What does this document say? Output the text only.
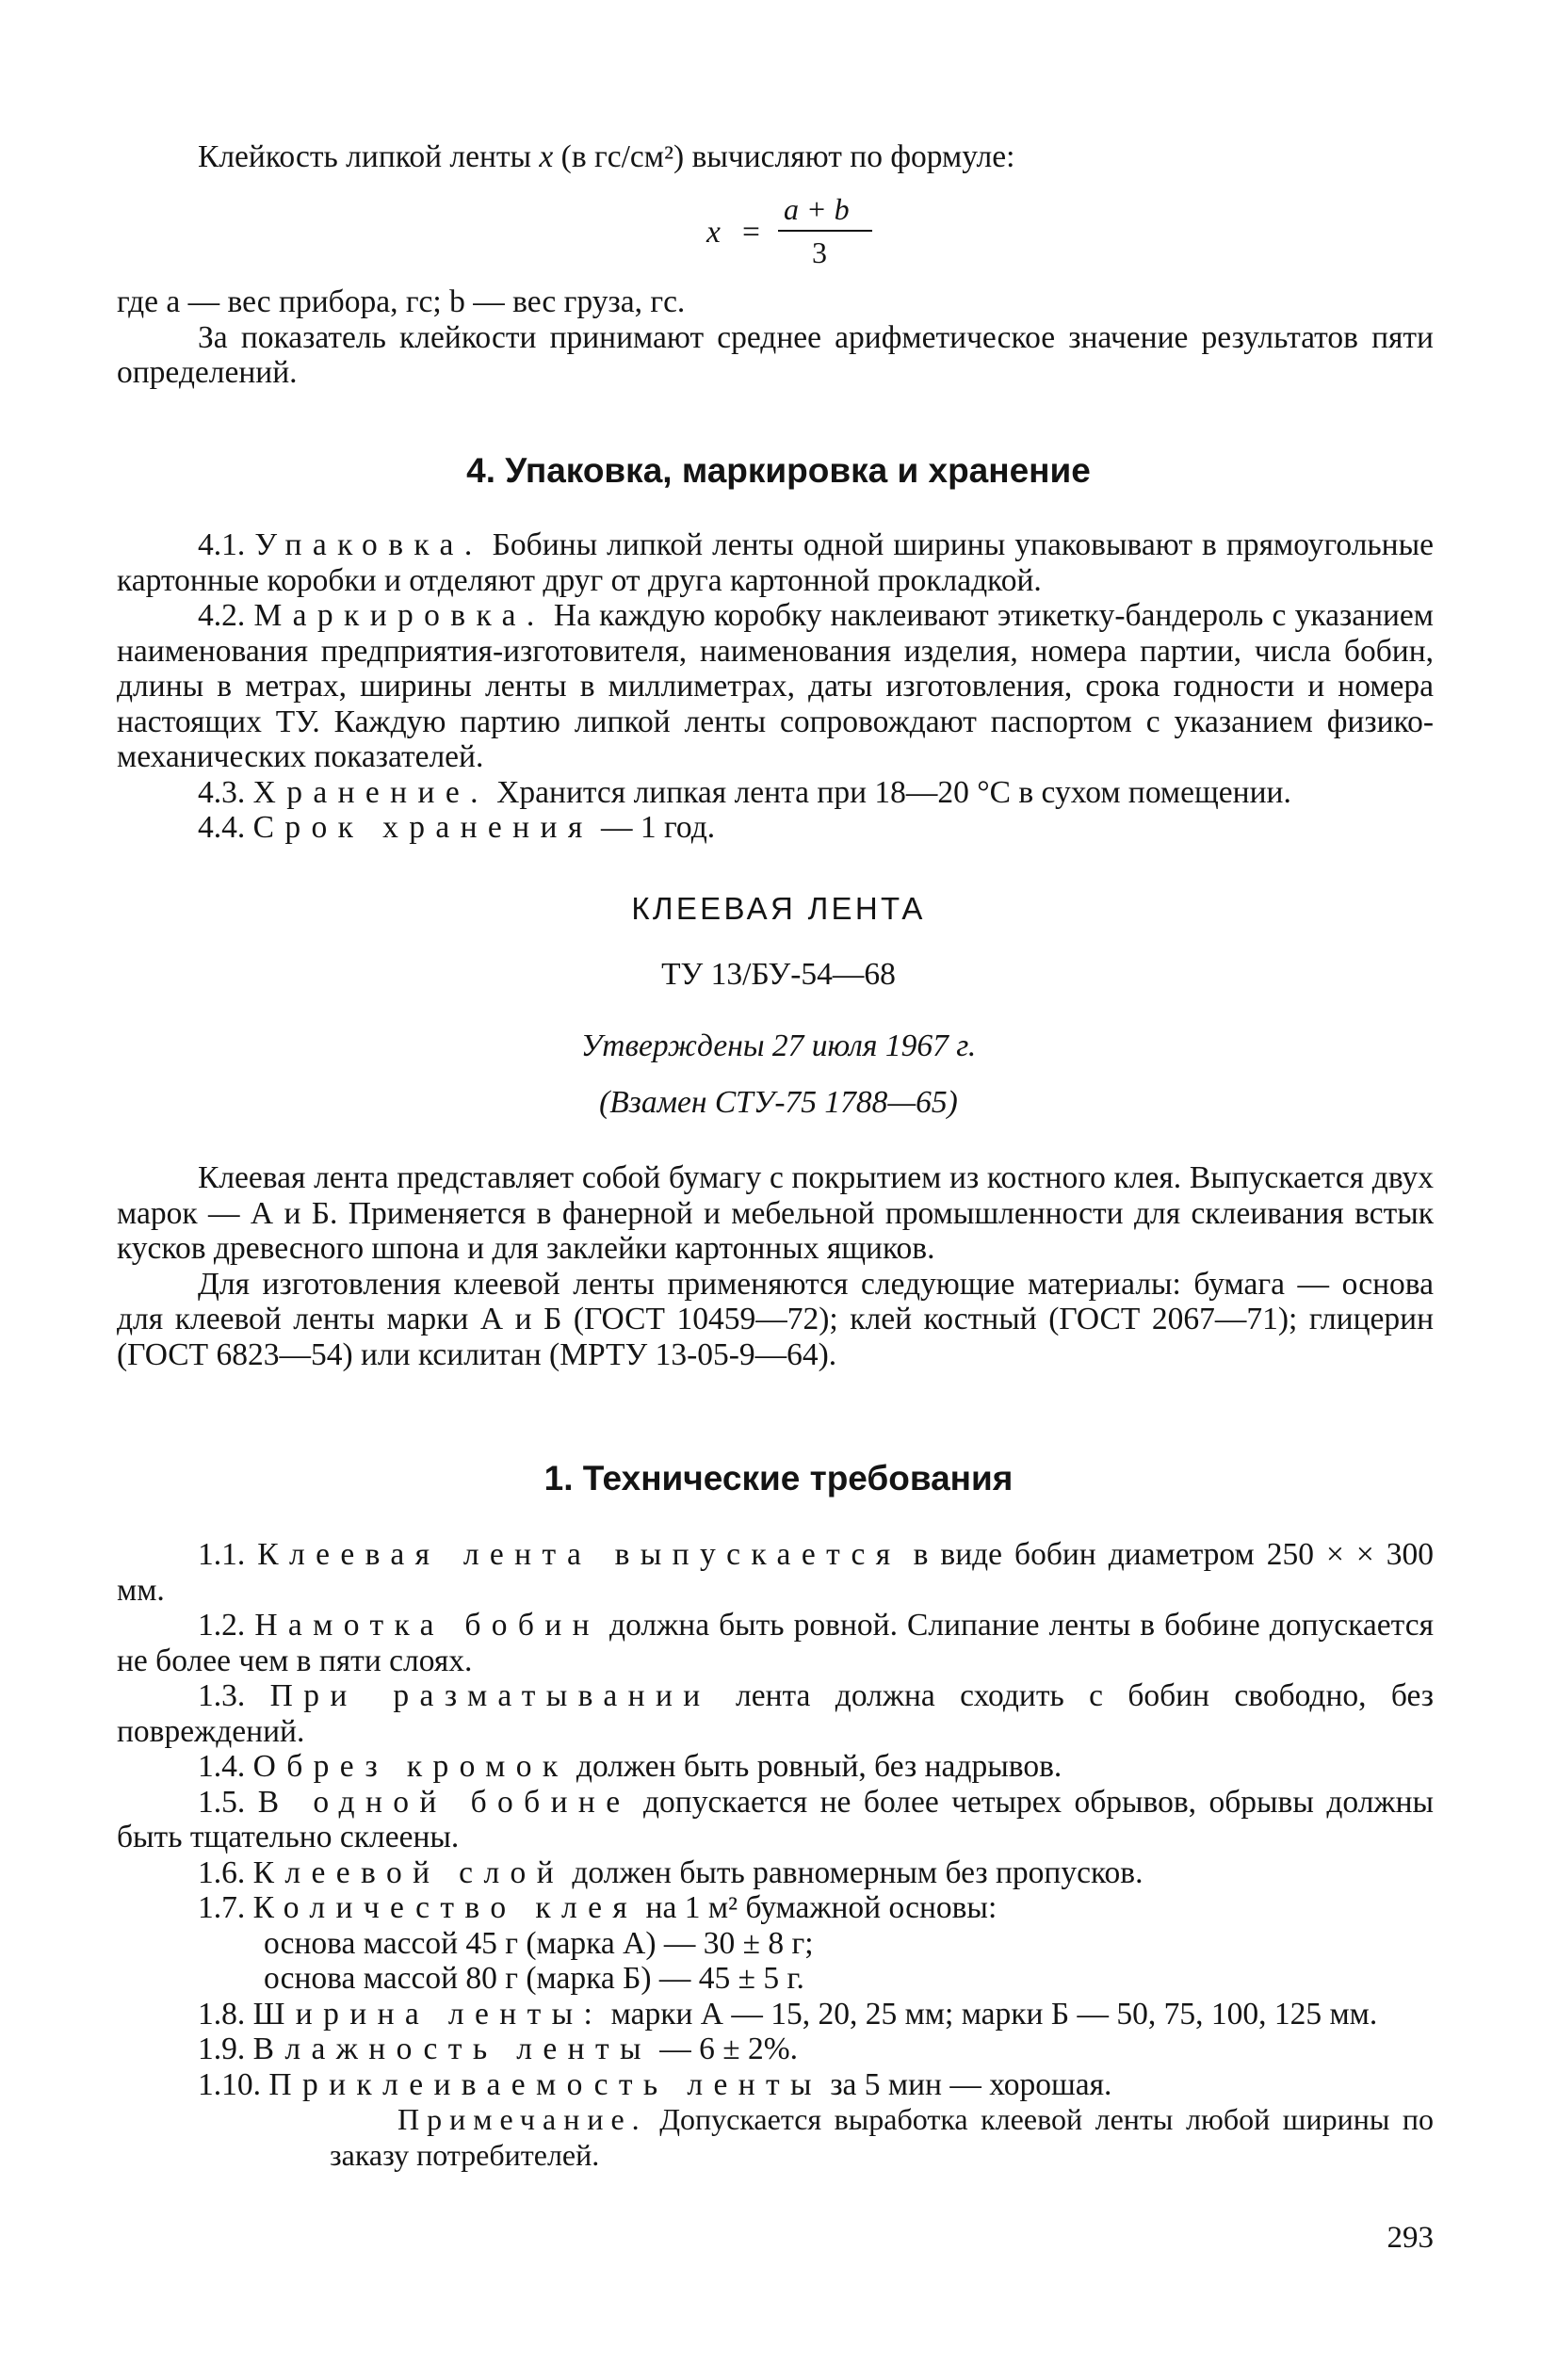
Клейкость липкой ленты x (в гс/см²) вычисляют по формуле:

x =
a + b
3

где a — вес прибора, гс; b — вес груза, гс.

За показатель клейкости принимают среднее арифметическое значение результатов пяти определений.

4. Упаковка, маркировка и хранение

4.1. Упаковка. Бобины липкой ленты одной ширины упаковывают в прямоугольные картонные коробки и отделяют друг от друга картонной прокладкой.

4.2. Маркировка. На каждую коробку наклеивают этикетку-бандероль с указанием наименования предприятия-изготовителя, наименования изделия, номера партии, числа бобин, длины в метрах, ширины ленты в миллиметрах, даты изготовления, срока годности и номера настоящих ТУ. Каждую партию липкой ленты сопровождают паспортом с указанием физико-механических показателей.

4.3. Хранение. Хранится липкая лента при 18—20 °С в сухом помещении.

4.4. Срок хранения — 1 год.

КЛЕЕВАЯ ЛЕНТА
ТУ 13/БУ-54—68
Утверждены 27 июля 1967 г.
(Взамен СТУ-75 1788—65)

Клеевая лента представляет собой бумагу с покрытием из костного клея. Выпускается двух марок — А и Б. Применяется в фанерной и мебельной промышленности для склеивания встык кусков древесного шпона и для заклейки картонных ящиков.

Для изготовления клеевой ленты применяются следующие материалы: бумага — основа для клеевой ленты марки А и Б (ГОСТ 10459—72); клей костный (ГОСТ 2067—71); глицерин (ГОСТ 6823—54) или ксилитан (МРТУ 13-05-9—64).

1. Технические требования

1.1. Клеевая лента выпускается в виде бобин диаметром 250 × × 300 мм.

1.2. Намотка бобин должна быть ровной. Слипание ленты в бобине допускается не более чем в пяти слоях.

1.3. При разматывании лента должна сходить с бобин свободно, без повреждений.

1.4. Обрез кромок должен быть ровный, без надрывов.

1.5. В одной бобине допускается не более четырех обрывов, обрывы должны быть тщательно склеены.

1.6. Клеевой слой должен быть равномерным без пропусков.

1.7. Количество клея на 1 м² бумажной основы:

основа массой 45 г (марка А) — 30 ± 8 г;

основа массой 80 г (марка Б) — 45 ± 5 г.

1.8. Ширина ленты: марки А — 15, 20, 25 мм; марки Б — 50, 75, 100, 125 мм.

1.9. Влажность ленты — 6 ± 2%.

1.10. Приклеиваемость ленты за 5 мин — хорошая.

Примечание. Допускается выработка клеевой ленты любой ширины по заказу потребителей.

293
